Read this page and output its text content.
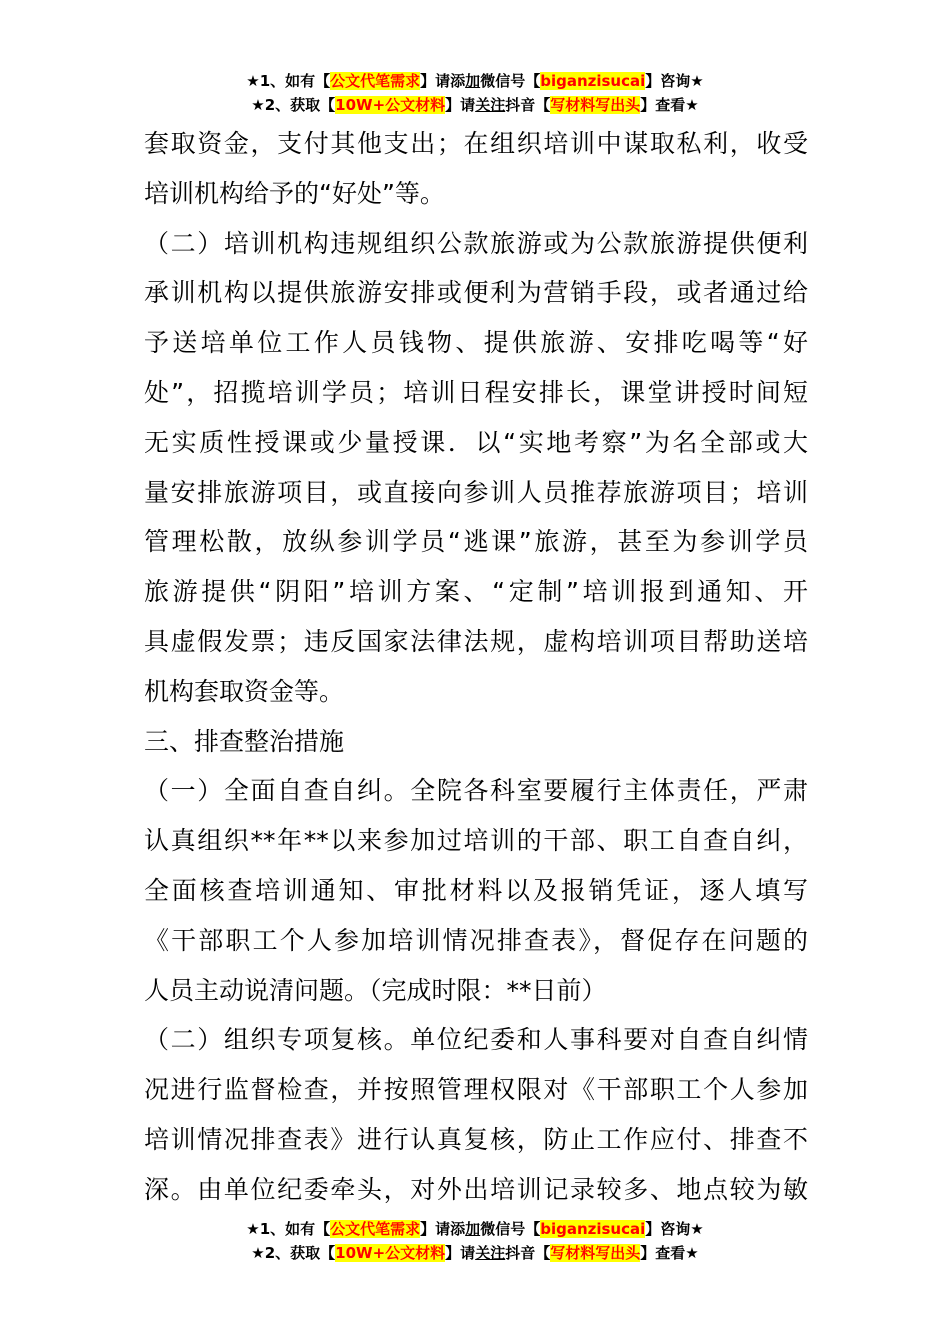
★1、如有【公文代笔需求】请添加微信号【biganzisucai】咨询★
★2、获取【10W+公文材料】请关注抖音【写材料写出头】查看★
套取资金，支付其他支出；在组织培训中谋取私利，收受
培训机构给予的“好处”等。
（二）培训机构违规组织公款旅游或为公款旅游提供便利
承训机构以提供旅游安排或便利为营销手段，或者通过给
予送培单位工作人员钱物、提供旅游、安排吃喝等“好
处”，招揽培训学员；培训日程安排长，课堂讲授时间短
无实质性授课或少量授课．以“实地考察”为名全部或大
量安排旅游项目，或直接向参训人员推荐旅游项目；培训
管理松散，放纵参训学员“逃课”旅游，甚至为参训学员
旅游提供“阴阳”培训方案、“定制”培训报到通知、开
具虚假发票；违反国家法律法规，虚构培训项目帮助送培
机构套取资金等。
三、排查整治措施
（一）全面自查自纠。全院各科室要履行主体责任，严肃
认真组织**年**以来参加过培训的干部、职工自查自纠，
全面核查培训通知、审批材料以及报销凭证，逐人填写
《干部职工个人参加培训情况排查表》，督促存在问题的
人员主动说清问题。（完成时限：**日前）
（二）组织专项复核。单位纪委和人事科要对自查自纠情
况进行监督检查，并按照管理权限对《干部职工个人参加
培训情况排查表》进行认真复核，防止工作应付、排查不
深。由单位纪委牵头，对外出培训记录较多、地点较为敏
★1、如有【公文代笔需求】请添加微信号【biganzisucai】咨询★
★2、获取【10W+公文材料】请关注抖音【写材料写出头】查看★
